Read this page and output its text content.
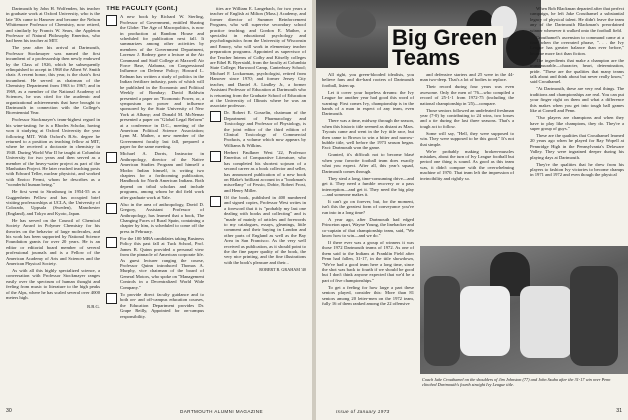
Dartmouth by John H. Wolfenden, his teacher in graduate work at Oxford University, who is the late '30s came to Hanover and became the Nelson Whittemore Professor of Chemistry, now retired, and similarly by Francis W. Sears, the Appleton Professor of Natural Philosophy Emeritus, who had been his teacher at MIT.

The year after his arrival at Dartmouth, Professor Stockmayer was named the first incumbent of a professorship then newly endowed by the Class of 1926, which he subsequently relinquished to accept in 1968 the Albert W. Smith chair. A recent honor, this year, is the chair's first incumbent. He served as chairman of the Chemistry Department from 1963 to 1967; and in 1969, as a member of the National Academy of Sciences, he was cited for the academic and organizational achievements that have brought to Dartmouth in connection with the College's Bicentennial Year.

Professor Stockmayer's team-highest regard in his wine-tasting; he is a Rhodes Scholar, having won it studying at Oxford University the year following MIT. With Oxford's B.Sc. degree he returned to a position as teaching fellow at MIT, where he received a doctorate in chemistry in 1940. During World War II he taught at Columbia University for two years and then served as a member of the heavy-water project as part of the Manhattan Project. He later reached teaching posts with Edward Teller, nuclear physicist, and worked with Enrico Fermi, whom he describes as a "wonderful human being."

He first went to Strasbourg in 1954-55 as a Guggenheim Fellow and has occupied brief visiting professorships at UCLA, the University of Colorado, Uppsala (Sweden), Manchester (England), and Tokyo and Kyoto, Japan.

He has served on the Council of Chemical Society Award in Polymer Chemistry for his theories on the behavior of large molecules, and his work has been supported by National Science Foundation grants for over 20 years. He is an editor or editorial board member of several professional journals and is a Fellow of the American Academy of Arts and Sciences and the American Physical Society.

As with all this highly specialized science, a conversation with Professor Stockmayer ranges easily over the spectrum of human thought and feeling from music to literature to the high peaks of the Alps, where he has scaled several over 4000 meters high.

R.B.G.
THE FACULTY (Cont.)
A new book by Richard W. Sterling, Professor of Government, entitled Sharing the Globe: The Age of Macropolitics, is now in production at Random House and scheduled for publication next fall. It summarizes among other activities by members of the Government Department, Lorenzo J. Rodney gave a lecture at the Air Command and Staff College at Maxwell Air Force Base, Alabama, on Congressional Influence on Defense Policy; Howard L. Erdman has written a study of politics in the Indian fertilizer industry, parts of which will be published in the Economic and Political Weekly of Bombay; David Baldwin presented a paper on "Economic Power, or, a symposium on power and influence sponsored by the State University of New York at Albany; and Donald M. McNemar presented a paper on "Global Legal Reform" at a conference in D.C., meeting of the American Political Science Association; Lynn M. Mather, a new member of the Government faculty last fall, prepared a paper for the same meeting.
Michael A. Dorris, Instructor in Anthropology, director of the Native American Studies Program and himself a Modoc Indian himself, is writing two chapters for a forthcoming publication, Handbook for North American Indians. Both depend on tribal scholars and include programs, among whom he did field work after graduate work at Yale.
Also in the area of anthropology, David D. Gregory, Assistant Professor of Anthropology, has learned that a book, The Changing Faces of Rural Spain, containing a chapter by him, is scheduled to come off the press in February.
For the 100 MBA candidates taking Business Policy this past fall at Tuck School, Prof. James B. Quinn provided a personal view from the pinnacle of American corporate life. As guest lecturer ranging the course, Professor Quinn introduced Thomas A. Murphy, vice chairman of the board of General Motors, who spoke on "Management Controls in a Decentralized World Wide Company."
To provide direct faculty guidance and to both on- and off-campus education courses, the Education Department provides Dr. Grape Reilly, Appointed for on-campus responsibility.

ities are William E. Langebach, for two years a teacher of English at Milton (Mass.) Academy, and former director of Summer Reinforcement Program, who will supervise secondary school practice teaching; and Gordon E. Mather, a specialist in educational psychology and psycholinguistics from the University of Wisconsin and Emory, who will work in elementary teacher preparation programs. Appointed as supervisor of the Teacher Interns of Colby and Kitselly colleges are Ethel B. Ryerstahl, from the faculty at Columbia State College; Harwood Camp, Canterbury School; Michael F. Lockarman, psychologist, retired from Hanover since 1970; and former Jersey City teacher, and Daniel A. Lindley Jr., a former Assistant Professor of Education at Dartmouth who is returning from the Graduate School of Education at the University of Illinois where he was an associate professor.

Dr. Robert E. Gosselin, chairman of the Department of Pharmacology and Toxicology and Professor of Physiology, is the joint editor of the third edition of Clinical Toxicology of Commercial Products, a volume which now appears by Williams & Wilkins.
Herbert Faulkner West '22, Professor Emeritus of Comparative Literature, who has completed his shortest sojourn of a second career as a book collector and seller, has announced publication of a new book on Blake's brilliant account in a "bookman's miscellany" of Fessio, Dobie, Robert Frost, and Henry Miller.
Of the book, published in 400 numbered and signed copies, Professor West writes in a foreword that it is "probably my last one dealing with books and collecting" and is "made of mainly of articles and forewords to my catalogues, essays, gleanings, little comment and their buying in London and other parts of England as well as the Bay Area in San Francisco. As the very well received as publication, as it should point to the the fine paper quality of the book, the very nice printing, and the fine illustrations with the book's pleasure and their...
ROBERT B. GRAHAM '40
30	DARTMOUTH ALUMNI MAGAZINE
Big Green
Teams

All right, you green-blooded idealists, you believe fans and die-hard rooters of Dartmouth football, listen up.

Let it cover your hopeless dreams: the Ivy League for another year had good this word of warning: First comes Ivy, championship is in the hands of a man in expect of any team, even Dartmouth.

There was a time, midway through the season, when this historic title seemed as distant as Mars. Tryouts came and went in the Ivy title race, but then came to Brown to win a bitter and narrow-bubble title, well before the 1973 season began. Fact: Dartmouth won the game.

Granted, it's difficult not to become blasé when your favorite football team does exactly what you expect. After all, this year's squad, Dartmouth comes through.

They steal a long, time-consuming drive—and get it. They need a fumble recovery or a pass interception—and get it. They need the big play—and someone makes it.

It can't go on forever, but, for the moment, isn't this the greatest form of conveyance you've run into in a long time?

A year ago, after Dartmouth had edged Princeton apart, Wayne Young, the linebacker and co-captain of that championship team, said, "We know how to win—and we do."

If there ever was a group of winners it was those 1972 Dartmouth teams of 1972. As one of them said to the Indians at Franklin Field after Penn had fallen, 31-17, in the title showdown, "We've had a good team here a long time, since the shot was back to fourth if we should be good but I don't think anyone expected that we'd be a part of five championships."

To get a feeling for how large a part these seniors played, consider this: More than 81 seniors among 20 letter-men on the 1972 team, fully 16 of them ranked among the 22 offensive

and defensive starters and 25 were in the 44-man two-deep. That's a lot of bodies to replace.

Their record during four years was even awesome. Only the men of '76—who compiled a record of 25-1-1 from 1972-75 (including the national championship in '25)—compare.

Those seniors followed an undefeated freshman year (7-0) by contributing to 24 wins, two losses and a tie during the last three seasons. That's a tough act to follow.

Some will say, "Hell, they were supposed to win. They were supposed to be this good." It's not that simple.

We're probably making broken-muscles mistakes, about the turn of Ivy League football but period one thing is sound. As good as this team was, it didn't compare with the overwhelming machine of 1970. That team left the impression of invincibility and rightly so.

When Bob Blackman departed after that perfect campaign, he left Jake Crouthamel a substantial legacy of physical talent. He didn't leave the team any of the Dartmouth Blackman's preordained winner whenever it walked onto the football field.

Crouthamel's ascension to command came at a time when the overrated phrase, ". . . the Ivy League has greater balance than ever before," became more fact than fiction.

The ingredients that make a champion are the immeasurable—character, heart, determination, pride. "These are the qualities that many teams talk about and think about but never really know," said Crouthamel.

"At Dartmouth, these are very real things. The traditions and championships are real. You can put your finger right on them and what a difference this makes when you get into tough ball games like at Cornell and Penn.

"Our players are champions and when they have to play like champions, they do. They're a super group of guys."

These are the qualities that Crouthamel learned 20 years ago when he played for Ray Wopell at Pennridge High in the Pennsylvania's Delaware Valley. They were ingrained deeper during his playing days at Dartmouth.

They're the qualities that he drew from his players to fashion Ivy victories to become champs in 1971 and 1972 and even though the physical

Coach Jake Crouthamel on the shoulders of Jim Johnston (77) and John Szuba after the 31-17 win over Penn clinched Dartmouth's fourth straight Ivy League title.
Issue of January 1973	31
